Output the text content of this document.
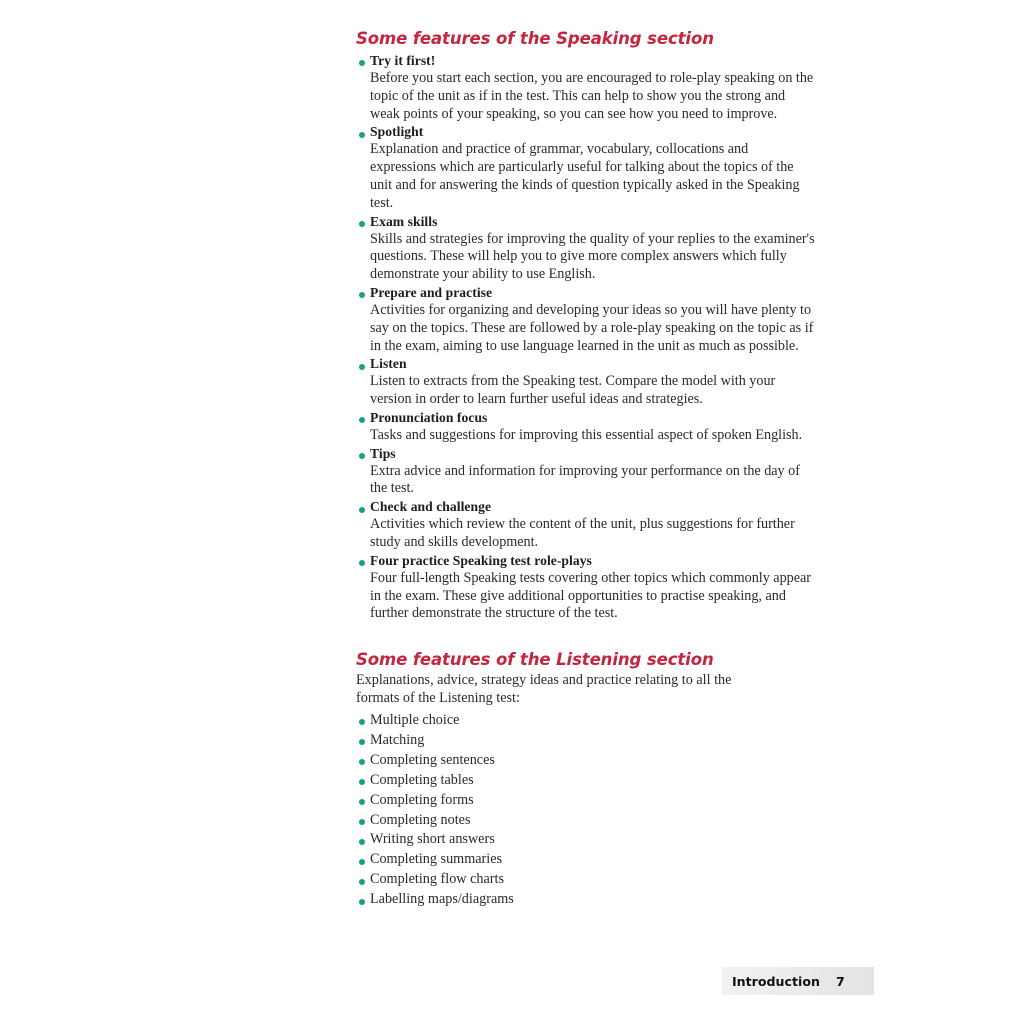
Some features of the Speaking section
Try it first!
Before you start each section, you are encouraged to role-play speaking on the topic of the unit as if in the test. This can help to show you the strong and weak points of your speaking, so you can see how you need to improve.
Spotlight
Explanation and practice of grammar, vocabulary, collocations and expressions which are particularly useful for talking about the topics of the unit and for answering the kinds of question typically asked in the Speaking test.
Exam skills
Skills and strategies for improving the quality of your replies to the examiner's questions. These will help you to give more complex answers which fully demonstrate your ability to use English.
Prepare and practise
Activities for organizing and developing your ideas so you will have plenty to say on the topics. These are followed by a role-play speaking on the topic as if in the exam, aiming to use language learned in the unit as much as possible.
Listen
Listen to extracts from the Speaking test. Compare the model with your version in order to learn further useful ideas and strategies.
Pronunciation focus
Tasks and suggestions for improving this essential aspect of spoken English.
Tips
Extra advice and information for improving your performance on the day of the test.
Check and challenge
Activities which review the content of the unit, plus suggestions for further study and skills development.
Four practice Speaking test role-plays
Four full-length Speaking tests covering other topics which commonly appear in the exam. These give additional opportunities to practise speaking, and further demonstrate the structure of the test.
Some features of the Listening section

Explanations, advice, strategy ideas and practice relating to all the formats of the Listening test:

Multiple choice
Matching
Completing sentences
Completing tables
Completing forms
Completing notes
Writing short answers
Completing summaries
Completing flow charts
Labelling maps/diagrams
Introduction 7
